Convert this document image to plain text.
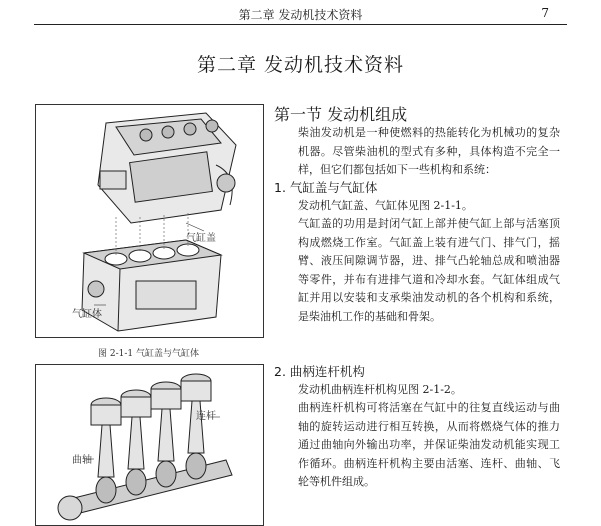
第二章 发动机技术资料	7
第二章 发动机技术资料
气缸盖
气缸体
图 2-1-1 气缸盖与气缸体
连杆
曲轴
第一节 发动机组成

柴油发动机是一种使燃料的热能转化为机械功的复杂机器。尽管柴油机的型式有多种，具体构造不完全一样，但它们都包括如下一些机构和系统：

1. 气缸盖与气缸体

发动机气缸盖、气缸体见图 2-1-1。

气缸盖的功用是封闭气缸上部并使气缸上部与活塞顶构成燃烧工作室。气缸盖上装有进气门、排气门，摇臂、液压间隙调节器，进、排气凸轮轴总成和喷油器等零件，并布有进排气道和冷却水套。气缸体组成气缸并用以安装和支承柴油发动机的各个机构和系统，是柴油机工作的基础和骨架。

2. 曲柄连杆机构

发动机曲柄连杆机构见图 2-1-2。

曲柄连杆机构可将活塞在气缸中的往复直线运动与曲轴的旋转运动进行相互转换，从而将燃烧气体的推力通过曲轴向外输出功率，并保证柴油发动机能实现工作循环。曲柄连杆机构主要由活塞、连杆、曲轴、飞轮等机件组成。
